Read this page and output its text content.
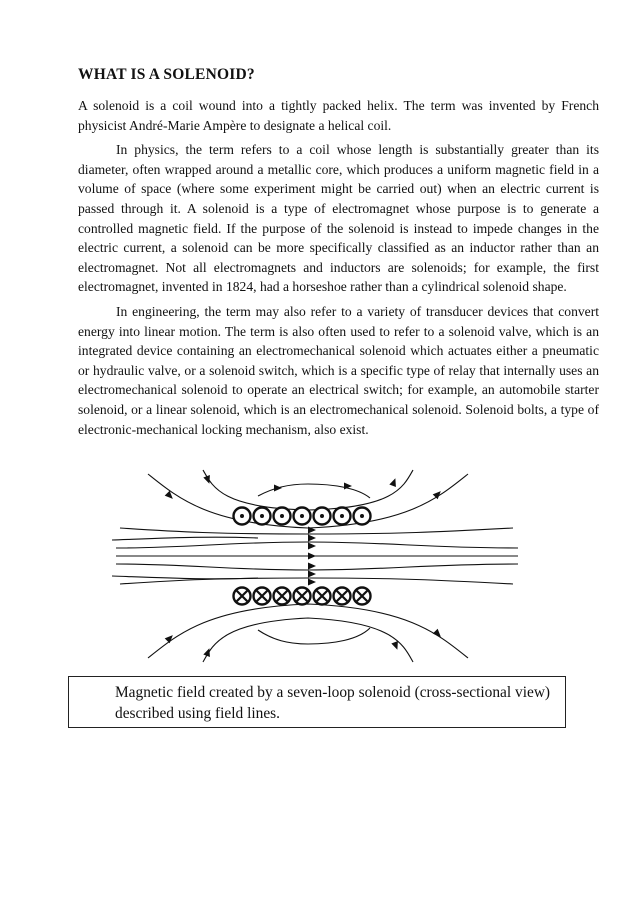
WHAT IS A SOLENOID?

A solenoid is a coil wound into a tightly packed helix. The term was invented by French physicist André-Marie Ampère to designate a helical coil.

In physics, the term refers to a coil whose length is substantially greater than its diameter, often wrapped around a metallic core, which produces a uniform magnetic field in a volume of space (where some experiment might be carried out) when an electric current is passed through it. A solenoid is a type of electromagnet whose purpose is to generate a controlled magnetic field. If the purpose of the solenoid is instead to impede changes in the electric current, a solenoid can be more specifically classified as an inductor rather than an electromagnet. Not all electromagnets and inductors are solenoids; for example, the first electromagnet, invented in 1824, had a horseshoe rather than a cylindrical solenoid shape.

In engineering, the term may also refer to a variety of transducer devices that convert energy into linear motion. The term is also often used to refer to a solenoid valve, which is an integrated device containing an electromechanical solenoid which actuates either a pneumatic or hydraulic valve, or a solenoid switch, which is a specific type of relay that internally uses an electromechanical solenoid to operate an electrical switch; for example, an automobile starter solenoid, or a linear solenoid, which is an electromechanical solenoid. Solenoid bolts, a type of electronic-mechanical locking mechanism, also exist.

Magnetic field created by a seven-loop solenoid (cross-sectional view) described using field lines.
